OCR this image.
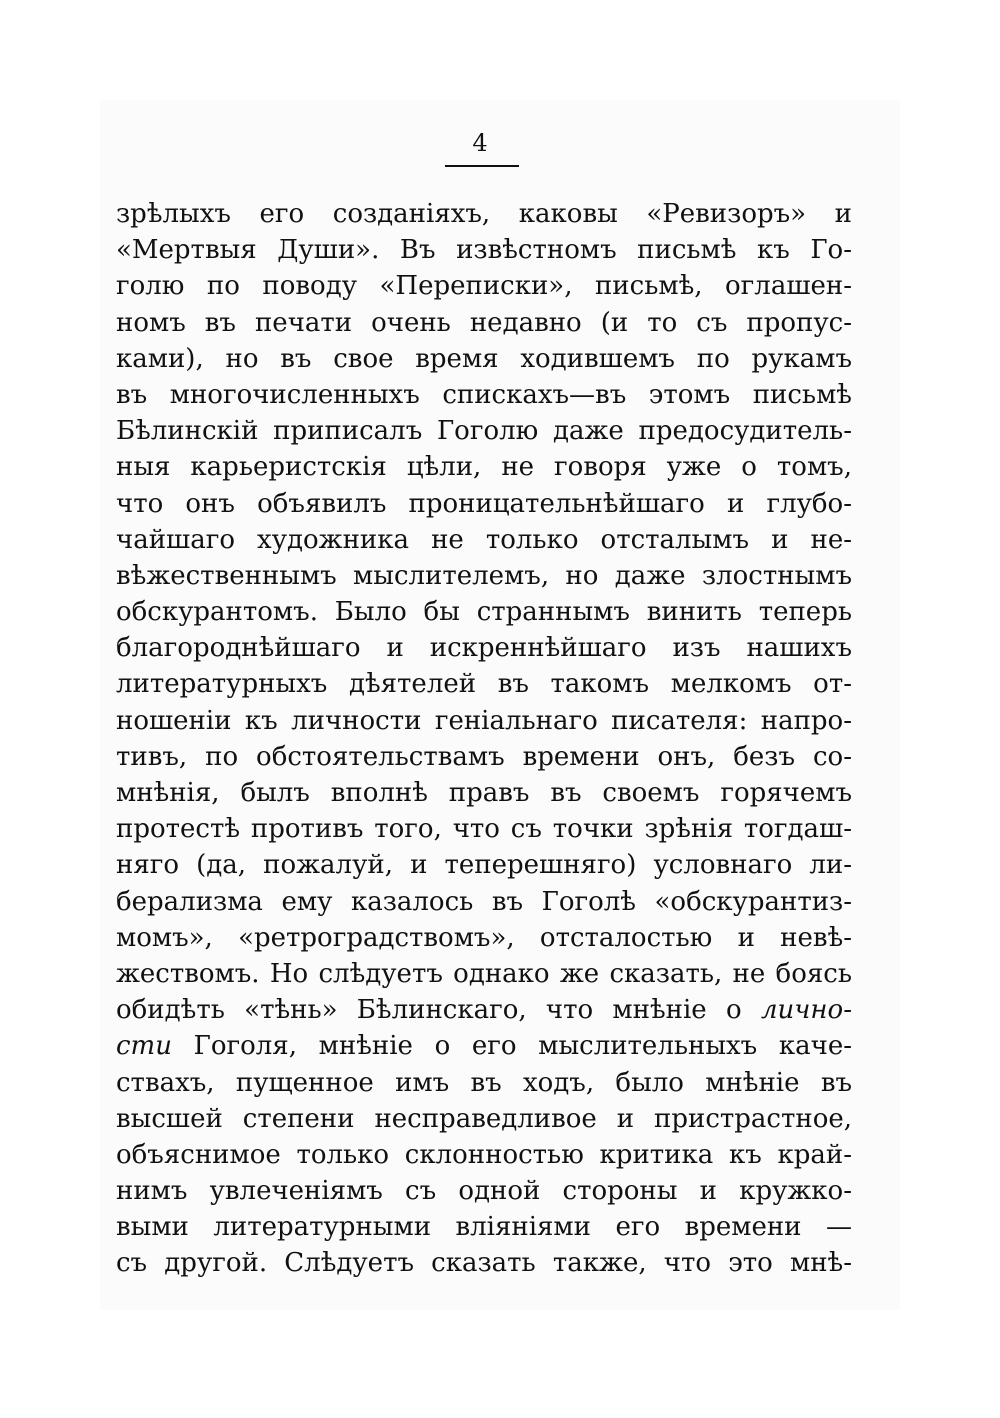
4
зрѣлыхъ его созданіяхъ, каковы «Ревизоръ» и
«Мертвыя Души». Въ извѣстномъ письмѣ къ Го-
голю по поводу «Переписки», письмѣ, оглашен-
номъ въ печати очень недавно (и то съ пропус-
ками), но въ свое время ходившемъ по рукамъ
въ многочисленныхъ спискахъ—въ этомъ письмѣ
Бѣлинскій приписалъ Гоголю даже предосудитель-
ныя карьеристскія цѣли, не говоря уже о томъ,
что онъ объявилъ проницательнѣйшаго и глубо-
чайшаго художника не только отсталымъ и не-
вѣжественнымъ мыслителемъ, но даже злостнымъ
обскурантомъ. Было бы страннымъ винить теперь
благороднѣйшаго и искреннѣйшаго изъ нашихъ
литературныхъ дѣятелей въ такомъ мелкомъ от-
ношеніи къ личности геніальнаго писателя: напро-
тивъ, по обстоятельствамъ времени онъ, безъ со-
мнѣнія, былъ вполнѣ правъ въ своемъ горячемъ
протестѣ противъ того, что съ точки зрѣнія тогдаш-
няго (да, пожалуй, и теперешняго) условнаго ли-
берализма ему казалось въ Гоголѣ «обскурантиз-
момъ», «ретроградствомъ», отсталостью и невѣ-
жествомъ. Но слѣдуетъ однако же сказать, не боясь
обидѣть «тѣнь» Бѣлинскаго, что мнѣніе о лично-
сти Гоголя, мнѣніе о его мыслительныхъ каче-
ствахъ, пущенное имъ въ ходъ, было мнѣніе въ
высшей степени несправедливое и пристрастное,
объяснимое только склонностью критика къ край-
нимъ увлеченіямъ съ одной стороны и кружко-
выми литературными вліяніями его времени —
съ другой. Слѣдуетъ сказать также, что это мнѣ-
